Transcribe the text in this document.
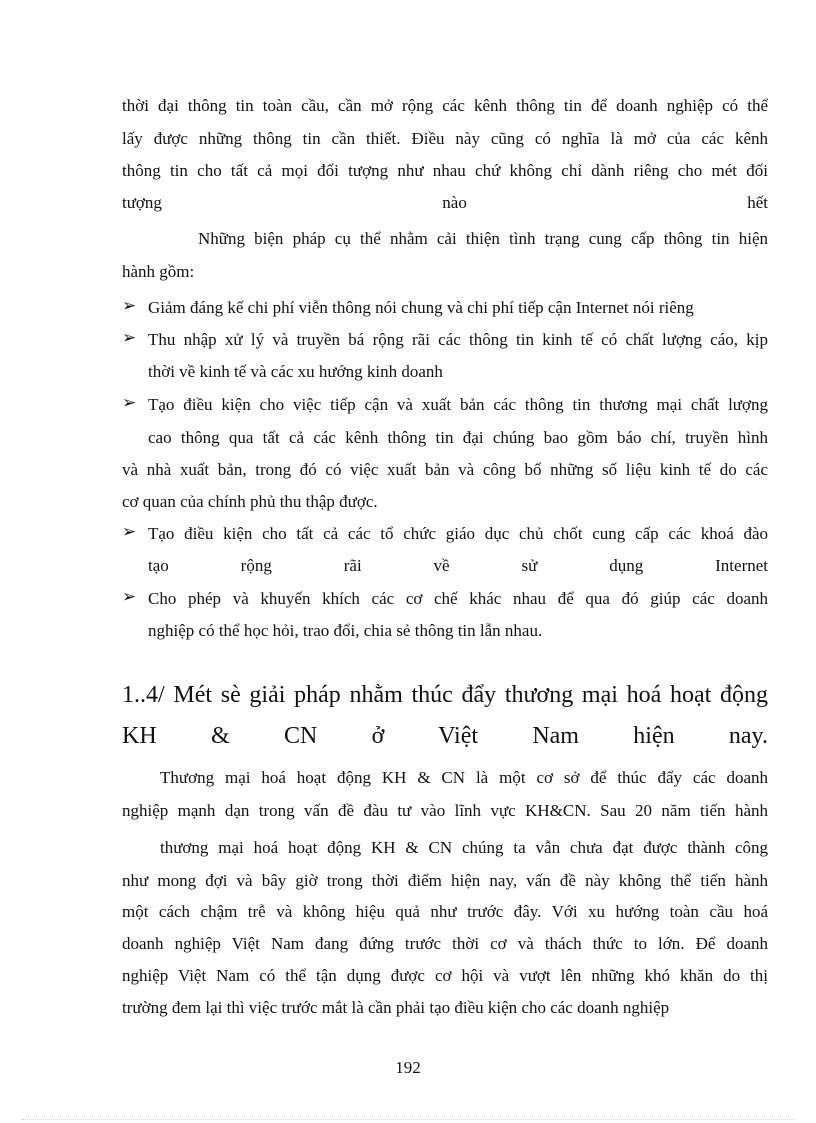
thời đại thông tin toàn cầu, cần mở rộng các kênh thông tin để doanh nghiệp có thể
lấy được những thông tin cần thiết. Điều này cũng có nghĩa là mở của các kênh
thông tin cho tất cả mọi đối tượng như nhau chứ không chỉ dành riêng cho mét đối
tượng nào hết
Những biện pháp cụ thể nhằm cải thiện tình trạng cung cấp thông tin hiện
hành gồm:
➢ Giảm đáng kể chi phí viễn thông nói chung và chi phí tiếp cận Internet nói riêng
➢ Thu nhập xử lý và truyền bá rộng rãi các thông tin kinh tế có chất lượng cáo, kịp
thời về kinh tế và các xu hướng kinh doanh
➢ Tạo điều kiện cho việc tiếp cận và xuất bản các thông tin thương mại chất lượng
cao thông qua tất cả các kênh thông tin đại chúng bao gồm báo chí, truyền hình
và nhà xuất bản, trong đó có việc xuất bản và công bố những số liệu kinh tế do các
cơ quan của chính phủ thu thập được.
➢ Tạo điều kiện cho tất cả các tổ chức giáo dục chủ chốt cung cấp các khoá đào
tạo rộng rãi về sử dụng Internet
➢ Cho phép và khuyến khích các cơ chế khác nhau để qua đó giúp các doanh
nghiệp có thể học hỏi, trao đổi, chia sẻ thông tin lẫn nhau.
1..4/ Mét sè giải pháp nhằm thúc đẩy thương mại hoá hoạt động
KH & CN ở Việt Nam hiện nay.
Thương mại hoá hoạt động KH & CN là một cơ sở để thúc đẩy các doanh
nghiệp mạnh dạn trong vấn đề đàu tư vào lĩnh vực KH&CN. Sau 20 năm tiến hành
thương mại hoá hoạt động KH & CN chúng ta vẫn chưa đạt được thành công
như mong đợi và bây giờ trong thời điểm hiện nay, vấn đề này không thể tiến hành
một cách chậm trễ và không hiệu quả như trước đây. Với xu hướng toàn cầu hoá
doanh nghiệp Việt Nam đang đứng trước thời cơ và thách thức to lớn. Để doanh
nghiệp Việt Nam có thể tận dụng được cơ hội và vượt lên những khó khăn do thị
trường đem lại thì việc trước mắt là cần phải tạo điều kiện cho các doanh nghiệp
192
